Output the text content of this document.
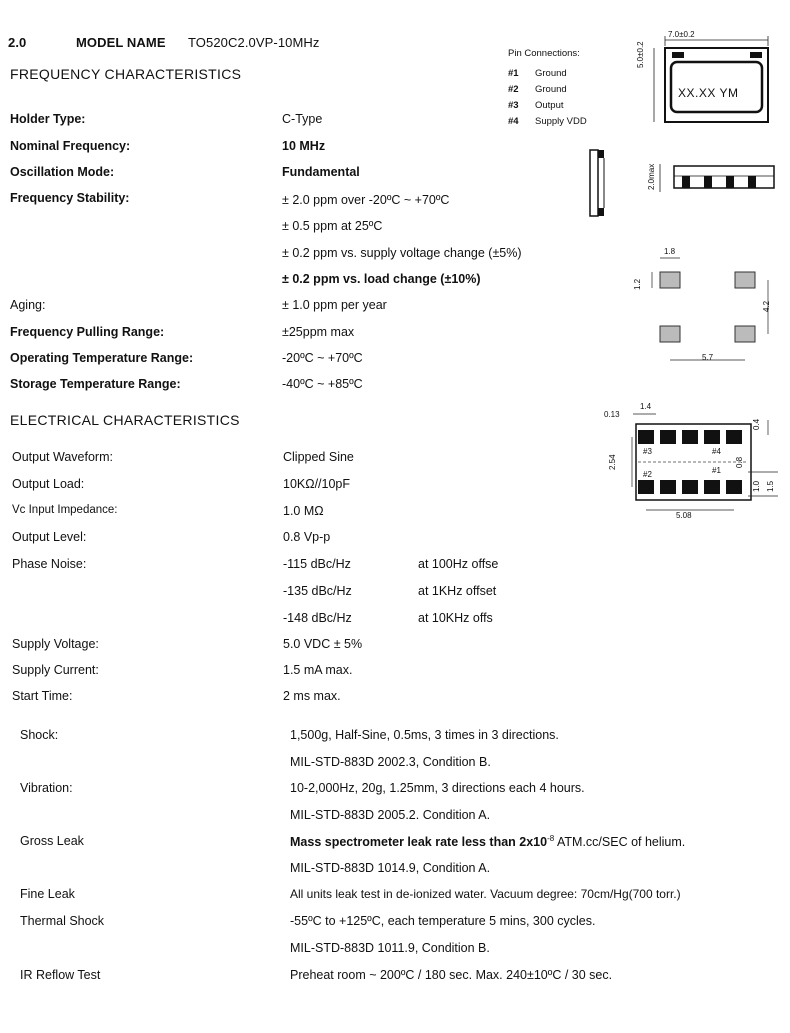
2.0	MODEL NAME TO520C2.0VP-10MHz
FREQUENCY CHARACTERISTICS
Holder Type:	C-Type
Nominal Frequency:	10 MHz
Oscillation Mode:	Fundamental
Frequency Stability:	± 2.0 ppm over -20ºC ~ +70ºC
± 0.5 ppm at 25ºC
± 0.2 ppm vs. supply voltage change (±5%)
± 0.2 ppm vs. load change (±10%)
Aging:	± 1.0 ppm per year
Frequency Pulling Range:	±25ppm max
Operating Temperature Range:	-20ºC ~ +70ºC
Storage Temperature Range:	-40ºC ~ +85ºC
ELECTRICAL CHARACTERISTICS
Output Waveform:	Clipped Sine
Output Load:	10KΩ//10pF
Vc Input Impedance:	1.0 MΩ
Output Level:	0.8 Vp-p
Phase Noise:	-115 dBc/Hz	at 100Hz offse
-135 dBc/Hz	at 1KHz offset
-148 dBc/Hz	at 10KHz offs
Supply Voltage:	5.0 VDC ± 5%
Supply Current:	1.5 mA max.
Start Time:	2 ms max.
Shock:	1,500g, Half-Sine, 0.5ms, 3 times in 3 directions.
MIL-STD-883D 2002.3, Condition B.
Vibration:	10-2,000Hz, 20g, 1.25mm, 3 directions each 4 hours.
MIL-STD-883D 2005.2. Condition A.
Gross Leak	Mass spectrometer leak rate less than $2x10^{-8}$ ATM.cc/SEC of helium.
MIL-STD-883D 1014.9, Condition A.
Fine Leak	All units leak test in de-ionized water. Vacuum degree: 70cm/Hg(700 torr.)
Thermal Shock	-55ºC to +125ºC, each temperature 5 mins, 300 cycles.
MIL-STD-883D 1011.9, Condition B.
IR Reflow Test	Preheat room ~ 200ºC / 180 sec. Max. 240±10ºC / 30 sec.
Pin Connections:
#1 Ground
#2 Ground
#3 Output
#4 Supply VDD
7.0±0.2
5.0±0.2
XX.XX YM
2.0max
1.8
1.2
4.2
5.7
0.13
1.4
0.4
2.54	0.8
1.0 1.5
5.08
#3	#4
#2	#1
